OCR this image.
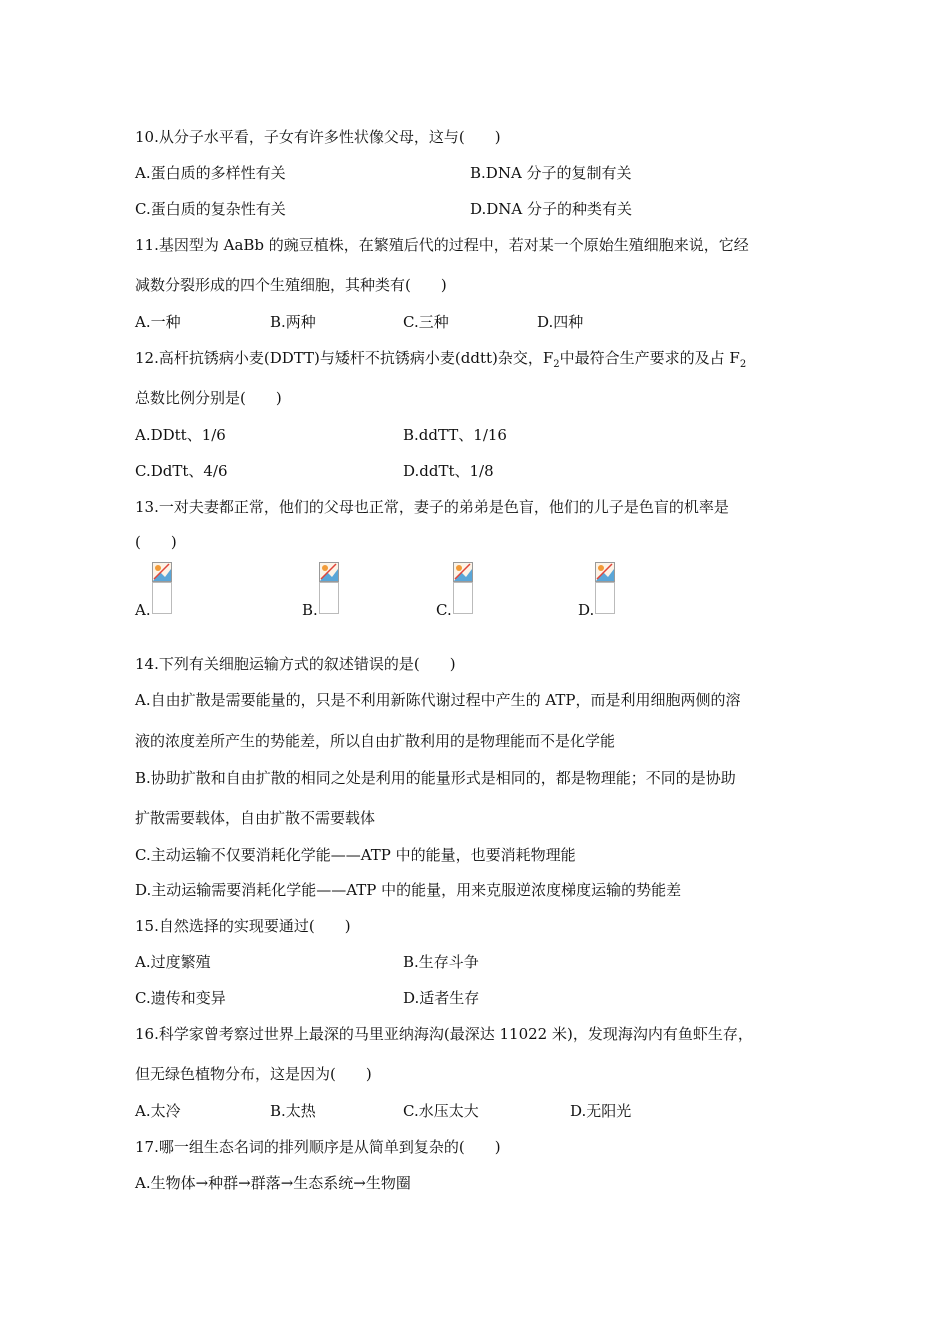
10.从分子水平看，子女有许多性状像父母，这与(　　)
A.蛋白质的多样性有关	B.DNA 分子的复制有关
C.蛋白质的复杂性有关	D.DNA 分子的种类有关
11.基因型为 AaBb 的豌豆植株，在繁殖后代的过程中，若对某一个原始生殖细胞来说，它经
减数分裂形成的四个生殖细胞，其种类有(　　)
A.一种	B.两种	C.三种	D.四种
12.高杆抗锈病小麦(DDTT)与矮杆不抗锈病小麦(ddtt)杂交，$F_2$中最符合生产要求的及占 $F_2$
总数比例分别是(　　)
A.DDtt、1/6	B.ddTT、1/16
C.DdTt、4/6	D.ddTt、1/8
13.一对夫妻都正常，他们的父母也正常，妻子的弟弟是色盲，他们的儿子是色盲的机率是
(　　)
A.	B.	C.	D.
14.下列有关细胞运输方式的叙述错误的是(　　)
A.自由扩散是需要能量的，只是不利用新陈代谢过程中产生的 ATP，而是利用细胞两侧的溶
液的浓度差所产生的势能差，所以自由扩散利用的是物理能而不是化学能
B.协助扩散和自由扩散的相同之处是利用的能量形式是相同的，都是物理能；不同的是协助
扩散需要载体，自由扩散不需要载体
C.主动运输不仅要消耗化学能——ATP 中的能量，也要消耗物理能
D.主动运输需要消耗化学能——ATP 中的能量，用来克服逆浓度梯度运输的势能差
15.自然选择的实现要通过(　　)
A.过度繁殖	B.生存斗争
C.遗传和变异	D.适者生存
16.科学家曾考察过世界上最深的马里亚纳海沟(最深达 11022 米)，发现海沟内有鱼虾生存，
但无绿色植物分布，这是因为(　　)
A.太冷	B.太热	C.水压太大	D.无阳光
17.哪一组生态名词的排列顺序是从简单到复杂的(　　)
A.生物体→种群→群落→生态系统→生物圈
